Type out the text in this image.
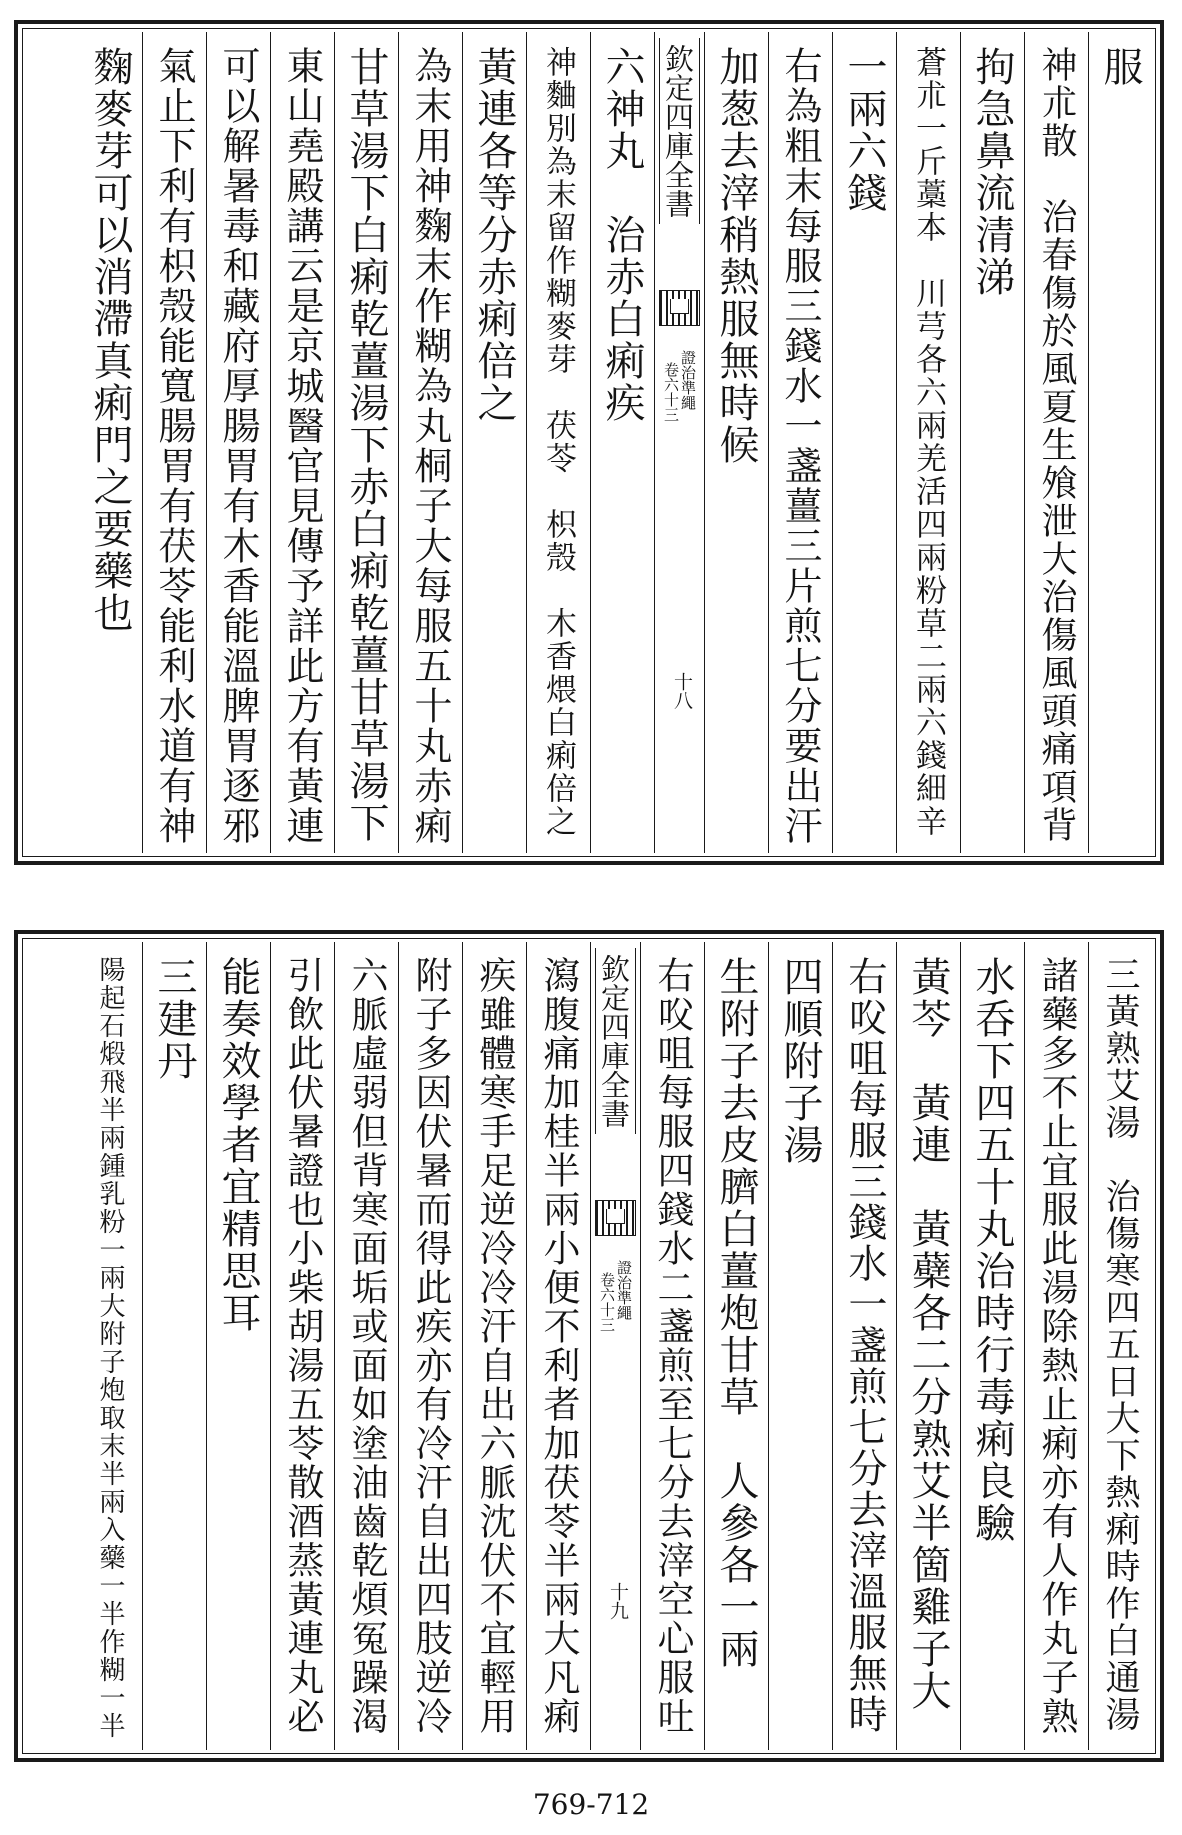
服
神朮散　治春傷於風夏生飧泄大治傷風頭痛項背
拘急鼻流清涕
蒼朮一斤藁本　川芎各六兩羌活四兩粉草二兩六錢細辛
一兩六錢
右為粗末每服三錢水一盞薑三片煎七分要出汗
加葱去滓稍熱服無時候
欽定四庫全書
證治準繩
卷六十三
十八
六神丸　治赤白痢疾
神麯別為末留作糊麥芽　茯苓　枳殼　木香煨白痢倍之
黃連各等分赤痢倍之
為末用神麴末作糊為丸桐子大每服五十丸赤痢
甘草湯下白痢乾薑湯下赤白痢乾薑甘草湯下
東山堯殿講云是京城醫官見傳予詳此方有黃連
可以解暑毒和藏府厚腸胃有木香能溫脾胃逐邪
氣止下利有枳殼能寬腸胃有茯苓能利水道有神
麴麥芽可以消滯真痢門之要藥也
三黃熟艾湯　治傷寒四五日大下熱痢時作白通湯
諸藥多不止宜服此湯除熱止痢亦有人作丸子熟
水呑下四五十丸治時行毒痢良驗
黃芩　黃連　黃蘗各二分熟艾半箇雞子大
右㕮咀每服三錢水一盞煎七分去滓溫服無時
四順附子湯
生附子去皮臍白薑炮甘草　人參各一兩
右㕮咀每服四錢水二盞煎至七分去滓空心服吐
欽定四庫全書
證治準繩
卷六十三
十九
瀉腹痛加桂半兩小便不利者加茯苓半兩大凡痢
疾雖體寒手足逆冷冷汗自出六脈沈伏不宜輕用
附子多因伏暑而得此疾亦有冷汗自出四肢逆冷
六脈虛弱但背寒面垢或面如塗油齒乾煩冤躁渴
引飲此伏暑證也小柴胡湯五苓散酒蒸黃連丸必
能奏效學者宜精思耳
三建丹
陽起石煅飛半兩鍾乳粉一兩大附子炮取末半兩入藥一半作糊一半
769-712
